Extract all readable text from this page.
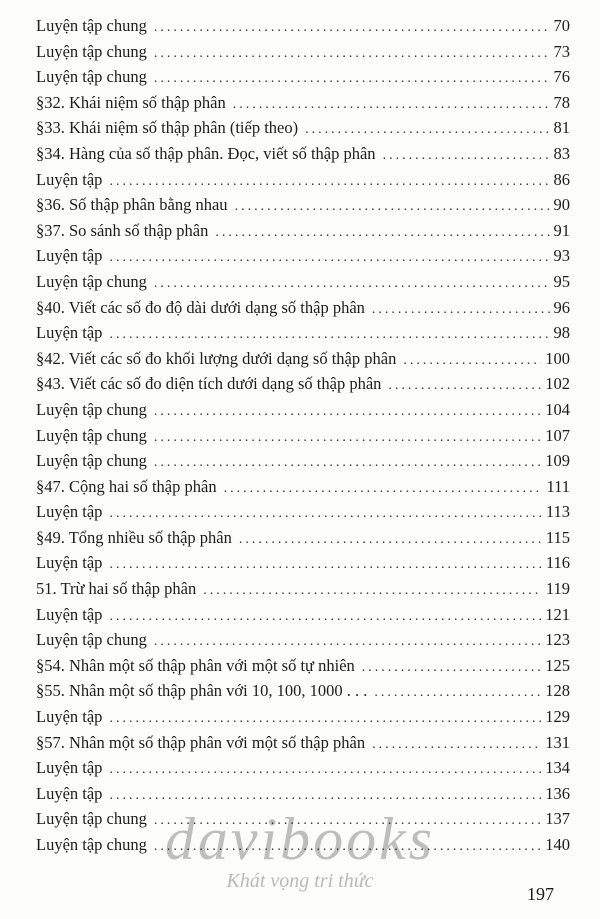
Luyện tập chung .....	70
Luyện tập chung .....	73
Luyện tập chung .....	76
§32. Khái niệm số thập phân .....	78
§33. Khái niệm số thập phân (tiếp theo) .....	81
§34. Hàng của số thập phân. Đọc, viết số thập phân .....	83
Luyện tập .....	86
§36. Số thập phân bằng nhau .....	90
§37. So sánh số thập phân .....	91
Luyện tập .....	93
Luyện tập chung .....	95
§40. Viết các số đo độ dài dưới dạng số thập phân .....	96
Luyện tập .....	98
§42. Viết các số đo khối lượng dưới dạng số thập phân .....	100
§43. Viết các số đo diện tích dưới dạng số thập phân .....	102
Luyện tập chung .....	104
Luyện tập chung .....	107
Luyện tập chung .....	109
§47. Cộng hai số thập phân .....	111
Luyện tập .....	113
§49. Tổng nhiều số thập phân .....	115
Luyện tập .....	116
51. Trừ hai số thập phân .....	119
Luyện tập .....	121
Luyện tập chung .....	123
§54. Nhân một số thập phân với một số tự nhiên .....	125
§55. Nhân một số thập phân với 10, 100, 1000 . . . .....	128
Luyện tập .....	129
§57. Nhân một số thập phân với một số thập phân .....	131
Luyện tập .....	134
Luyện tập .....	136
Luyện tập chung .....	137
Luyện tập chung .....	140
davibooks
Khát vọng tri thức
197
